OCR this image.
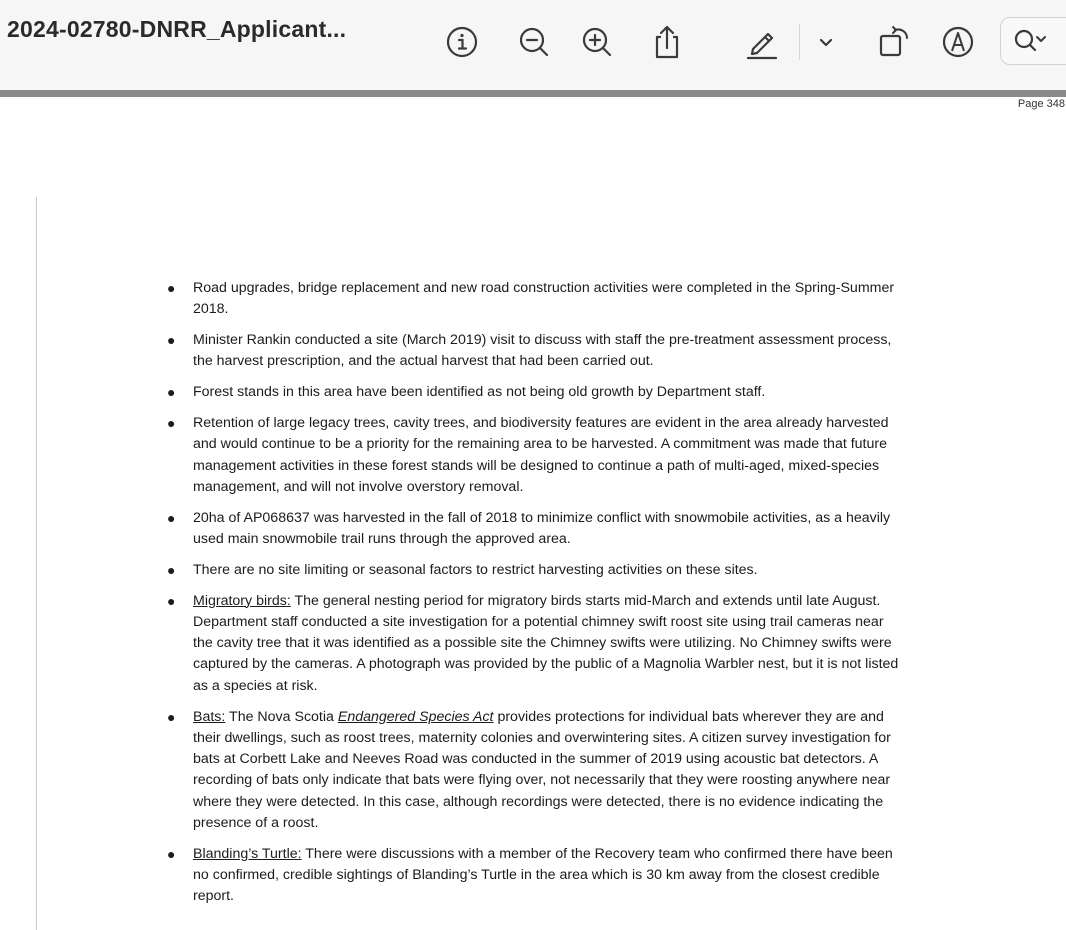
2024-02780-DNRR_Applicant...
Page 348
● Road upgrades, bridge replacement and new road construction activities were completed in the Spring-Summer 2018.
● Minister Rankin conducted a site (March 2019) visit to discuss with staff the pre-treatment assessment process, the harvest prescription, and the actual harvest that had been carried out.
● Forest stands in this area have been identified as not being old growth by Department staff.
● Retention of large legacy trees, cavity trees, and biodiversity features are evident in the area already harvested and would continue to be a priority for the remaining area to be harvested. A commitment was made that future management activities in these forest stands will be designed to continue a path of multi-aged, mixed-species management, and will not involve overstory removal.
● 20ha of AP068637 was harvested in the fall of 2018 to minimize conflict with snowmobile activities, as a heavily used main snowmobile trail runs through the approved area.
● There are no site limiting or seasonal factors to restrict harvesting activities on these sites.
● Migratory birds: The general nesting period for migratory birds starts mid-March and extends until late August. Department staff conducted a site investigation for a potential chimney swift roost site using trail cameras near the cavity tree that it was identified as a possible site the Chimney swifts were utilizing. No Chimney swifts were captured by the cameras. A photograph was provided by the public of a Magnolia Warbler nest, but it is not listed as a species at risk.
● Bats: The Nova Scotia Endangered Species Act provides protections for individual bats wherever they are and their dwellings, such as roost trees, maternity colonies and overwintering sites. A citizen survey investigation for bats at Corbett Lake and Neeves Road was conducted in the summer of 2019 using acoustic bat detectors. A recording of bats only indicate that bats were flying over, not necessarily that they were roosting anywhere near where they were detected. In this case, although recordings were detected, there is no evidence indicating the presence of a roost.
● Blanding’s Turtle: There were discussions with a member of the Recovery team who confirmed there have been no confirmed, credible sightings of Blanding’s Turtle in the area which is 30 km away from the closest credible report.
